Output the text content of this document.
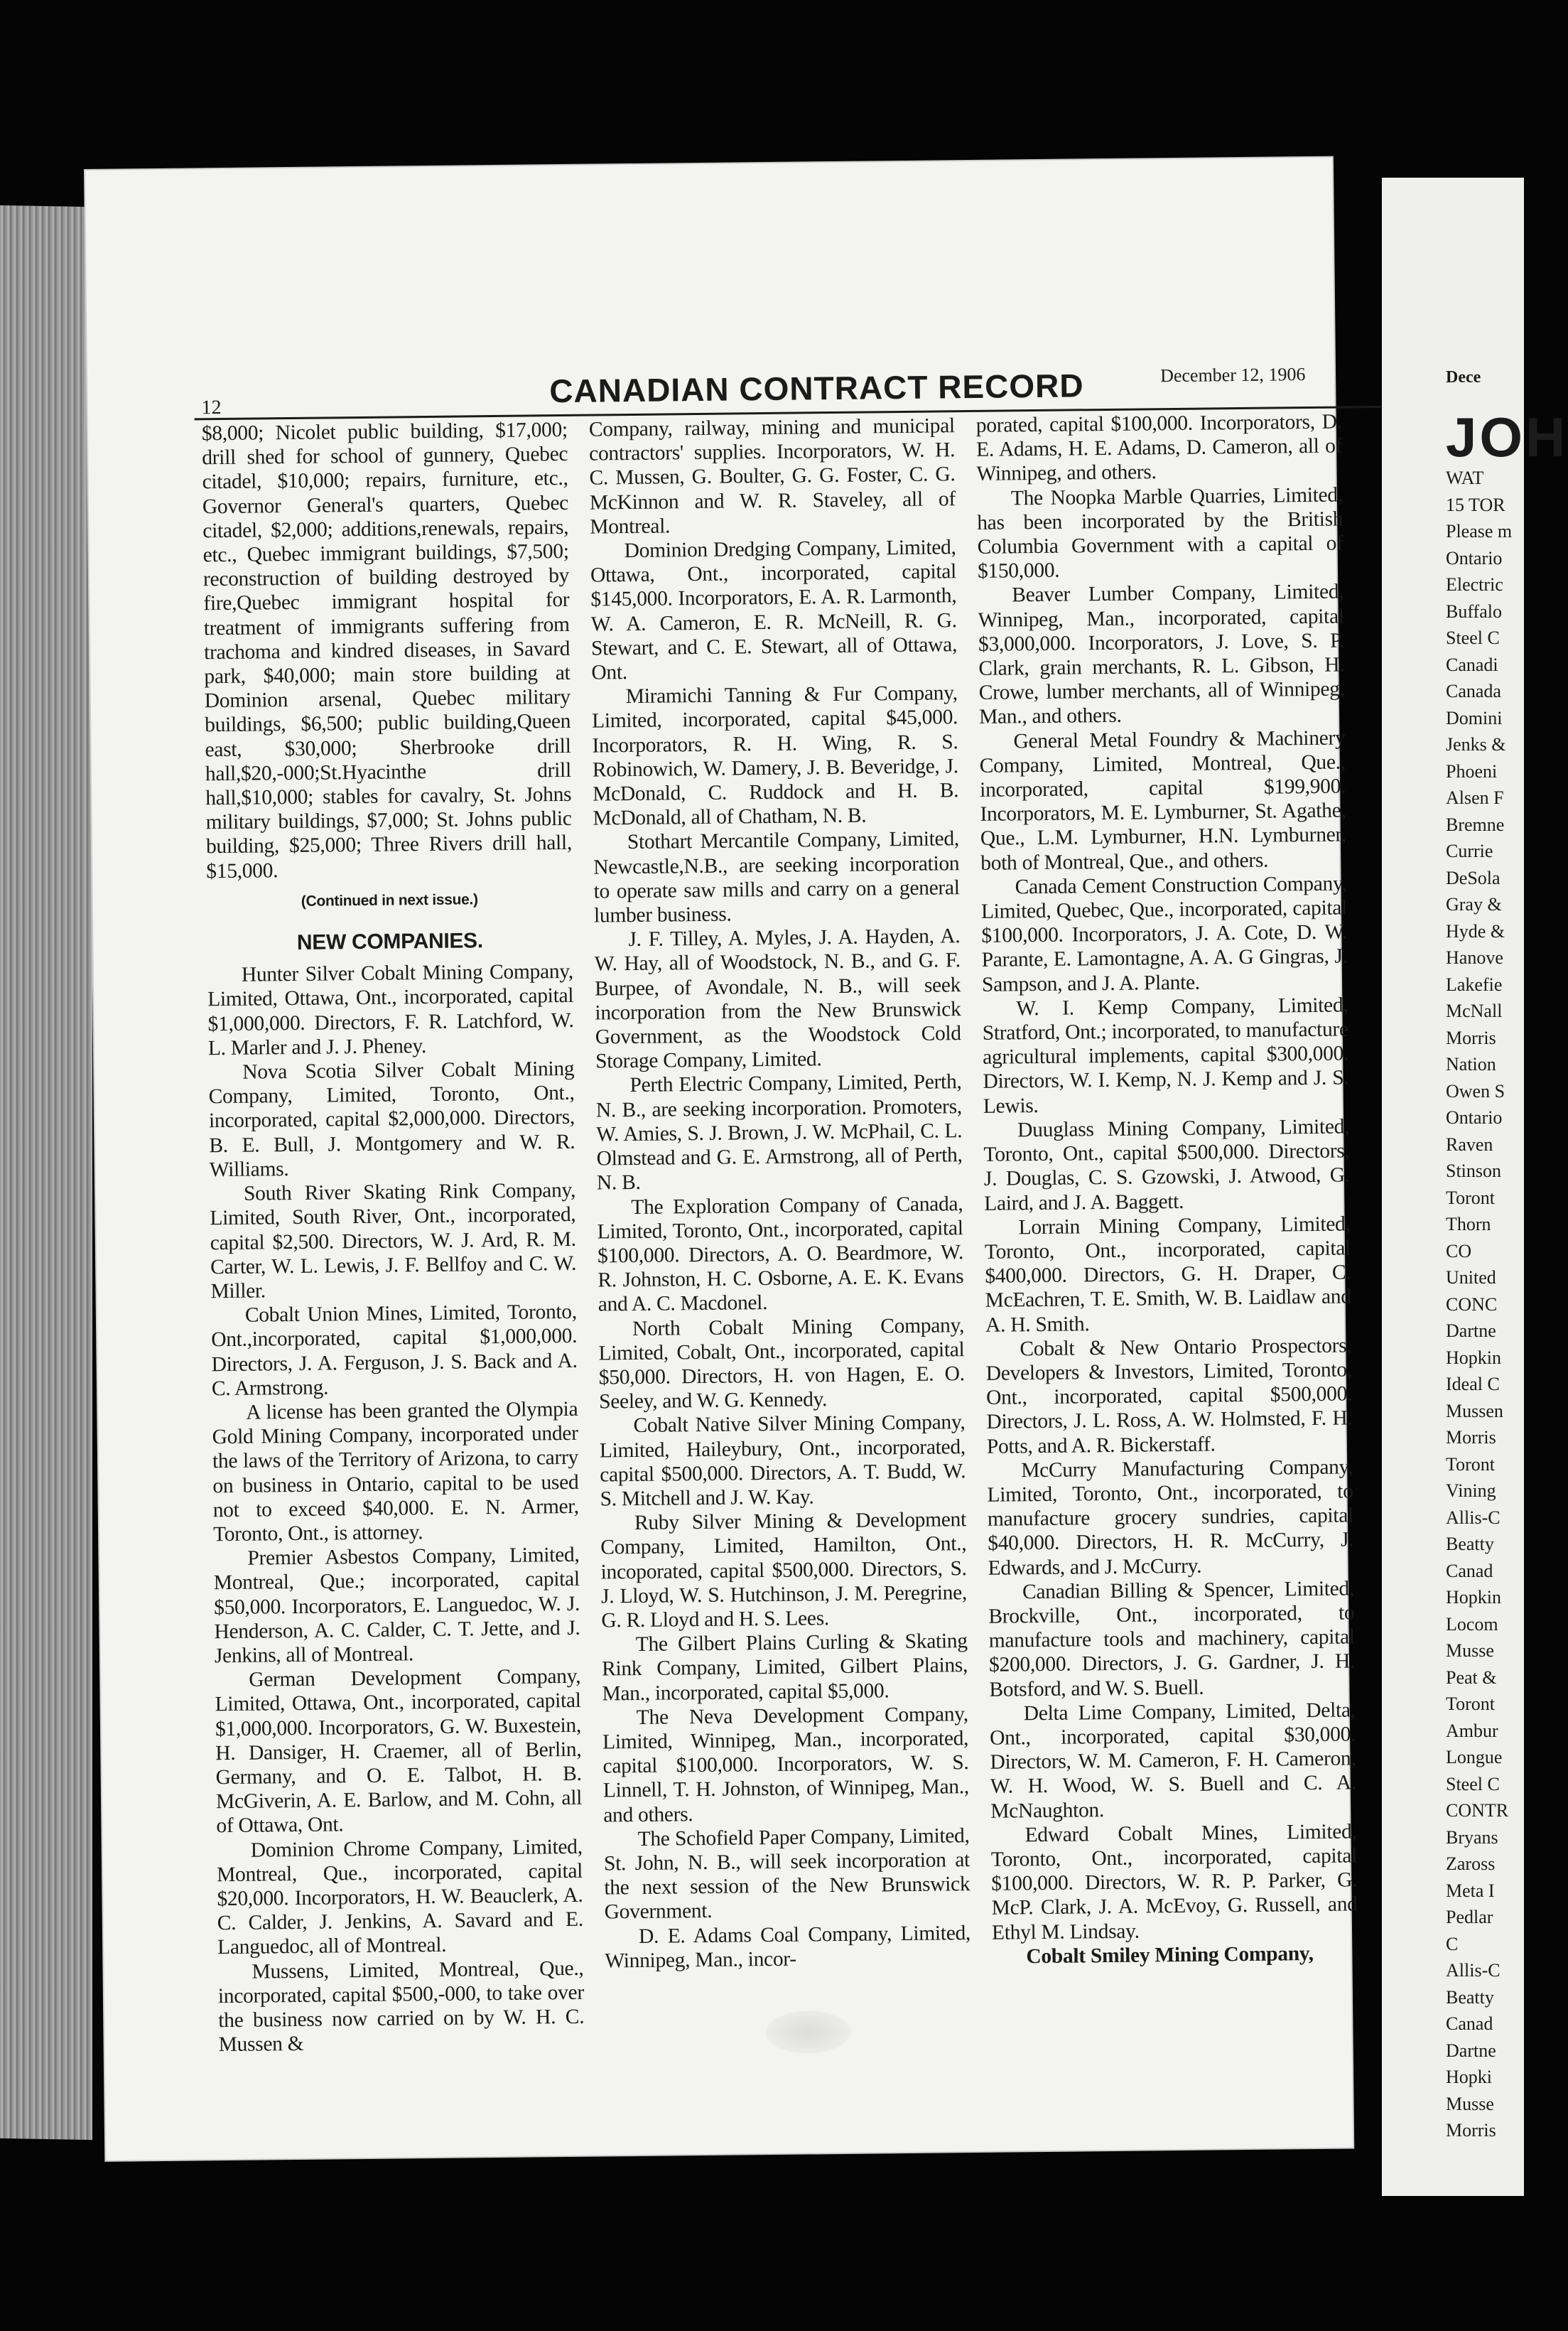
12	CANADIAN CONTRACT RECORD	December 12, 1906

$8,000; Nicolet public building, $17,000; drill shed for school of gunnery, Quebec citadel, $10,000; repairs, furniture, etc., Governor General's quarters, Quebec citadel, $2,000; additions,renewals, repairs, etc., Quebec immigrant buildings, $7,500; reconstruction of building destroyed by fire,Quebec immigrant hospital for treatment of immigrants suffering from trachoma and kindred diseases, in Savard park, $40,000; main store building at Dominion arsenal, Quebec military buildings, $6,500; public building,Queen east, $30,000; Sherbrooke drill hall,$20,-000;St.Hyacinthe drill hall,$10,000; stables for cavalry, St. Johns military buildings, $7,000; St. Johns public building, $25,000; Three Rivers drill hall, $15,000.

(Continued in next issue.)

NEW COMPANIES.

Hunter Silver Cobalt Mining Company, Limited, Ottawa, Ont., incorporated, capital $1,000,000. Directors, F. R. Latchford, W. L. Marler and J. J. Pheney.

Nova Scotia Silver Cobalt Mining Company, Limited, Toronto, Ont., incorporated, capital $2,000,000. Directors, B. E. Bull, J. Montgomery and W. R. Williams.

South River Skating Rink Company, Limited, South River, Ont., incorporated, capital $2,500. Directors, W. J. Ard, R. M. Carter, W. L. Lewis, J. F. Bellfoy and C. W. Miller.

Cobalt Union Mines, Limited, Toronto, Ont.,incorporated, capital $1,000,000. Directors, J. A. Ferguson, J. S. Back and A. C. Armstrong.

A license has been granted the Olympia Gold Mining Company, incorporated under the laws of the Territory of Arizona, to carry on business in Ontario, capital to be used not to exceed $40,000. E. N. Armer, Toronto, Ont., is attorney.

Premier Asbestos Company, Limited, Montreal, Que.; incorporated, capital $50,000. Incorporators, E. Languedoc, W. J. Henderson, A. C. Calder, C. T. Jette, and J. Jenkins, all of Montreal.

German Development Company, Limited, Ottawa, Ont., incorporated, capital $1,000,000. Incorporators, G. W. Buxestein, H. Dansiger, H. Craemer, all of Berlin, Germany, and O. E. Talbot, H. B. McGiverin, A. E. Barlow, and M. Cohn, all of Ottawa, Ont.

Dominion Chrome Company, Limited, Montreal, Que., incorporated, capital $20,000. Incorporators, H. W. Beauclerk, A. C. Calder, J. Jenkins, A. Savard and E. Languedoc, all of Montreal.

Mussens, Limited, Montreal, Que., incorporated, capital $500,-000, to take over the business now carried on by W. H. C. Mussen &

Company, railway, mining and municipal contractors' supplies. Incorporators, W. H. C. Mussen, G. Boulter, G. G. Foster, C. G. McKinnon and W. R. Staveley, all of Montreal.

Dominion Dredging Company, Limited, Ottawa, Ont., incorporated, capital $145,000. Incorporators, E. A. R. Larmonth, W. A. Cameron, E. R. McNeill, R. G. Stewart, and C. E. Stewart, all of Ottawa, Ont.

Miramichi Tanning & Fur Company, Limited, incorporated, capital $45,000. Incorporators, R. H. Wing, R. S. Robinowich, W. Damery, J. B. Beveridge, J. McDonald, C. Ruddock and H. B. McDonald, all of Chatham, N. B.

Stothart Mercantile Company, Limited, Newcastle,N.B., are seeking incorporation to operate saw mills and carry on a general lumber business.

J. F. Tilley, A. Myles, J. A. Hayden, A. W. Hay, all of Woodstock, N. B., and G. F. Burpee, of Avondale, N. B., will seek incorporation from the New Brunswick Government, as the Woodstock Cold Storage Company, Limited.

Perth Electric Company, Limited, Perth, N. B., are seeking incorporation. Promoters, W. Amies, S. J. Brown, J. W. McPhail, C. L. Olmstead and G. E. Armstrong, all of Perth, N. B.

The Exploration Company of Canada, Limited, Toronto, Ont., incorporated, capital $100,000. Directors, A. O. Beardmore, W. R. Johnston, H. C. Osborne, A. E. K. Evans and A. C. Macdonel.

North Cobalt Mining Company, Limited, Cobalt, Ont., incorporated, capital $50,000. Directors, H. von Hagen, E. O. Seeley, and W. G. Kennedy.

Cobalt Native Silver Mining Company, Limited, Haileybury, Ont., incorporated, capital $500,000. Directors, A. T. Budd, W. S. Mitchell and J. W. Kay.

Ruby Silver Mining & Development Company, Limited, Hamilton, Ont., incoporated, capital $500,000. Directors, S. J. Lloyd, W. S. Hutchinson, J. M. Peregrine, G. R. Lloyd and H. S. Lees.

The Gilbert Plains Curling & Skating Rink Company, Limited, Gilbert Plains, Man., incorporated, capital $5,000.

The Neva Development Company, Limited, Winnipeg, Man., incorporated, capital $100,000. Incorporators, W. S. Linnell, T. H. Johnston, of Winnipeg, Man., and others.

The Schofield Paper Company, Limited, St. John, N. B., will seek incorporation at the next session of the New Brunswick Government.

D. E. Adams Coal Company, Limited, Winnipeg, Man., incor-

porated, capital $100,000. Incorporators, D. E. Adams, H. E. Adams, D. Cameron, all of Winnipeg, and others.

The Noopka Marble Quarries, Limited, has been incorporated by the British Columbia Government with a capital of $150,000.

Beaver Lumber Company, Limited, Winnipeg, Man., incorporated, capital $3,000,000. Incorporators, J. Love, S. P. Clark, grain merchants, R. L. Gibson, H. Crowe, lumber merchants, all of Winnipeg, Man., and others.

General Metal Foundry & Machinery Company, Limited, Montreal, Que., incorporated, capital $199,900. Incorporators, M. E. Lymburner, St. Agathe, Que., L.M. Lymburner, H.N. Lymburner, both of Montreal, Que., and others.

Canada Cement Construction Company, Limited, Quebec, Que., incorporated, capital $100,000. Incorporators, J. A. Cote, D. W. Parante, E. Lamontagne, A. A. G Gingras, J. Sampson, and J. A. Plante.

W. I. Kemp Company, Limited, Stratford, Ont.; incorporated, to manufacture agricultural implements, capital $300,000. Directors, W. I. Kemp, N. J. Kemp and J. S. Lewis.

Duuglass Mining Company, Limited, Toronto, Ont., capital $500,000. Directors, J. Douglas, C. S. Gzowski, J. Atwood, G. Laird, and J. A. Baggett.

Lorrain Mining Company, Limited, Toronto, Ont., incorporated, capital $400,000. Directors, G. H. Draper, C. McEachren, T. E. Smith, W. B. Laidlaw and A. H. Smith.

Cobalt & New Ontario Prospectors, Developers & Investors, Limited, Toronto, Ont., incorporated, capital $500,000. Directors, J. L. Ross, A. W. Holmsted, F. H. Potts, and A. R. Bickerstaff.

McCurry Manufacturing Company, Limited, Toronto, Ont., incorporated, to manufacture grocery sundries, capital $40,000. Directors, H. R. McCurry, J. Edwards, and J. McCurry.

Canadian Billing & Spencer, Limited, Brockville, Ont., incorporated, to manufacture tools and machinery, capital $200,000. Directors, J. G. Gardner, J. H. Botsford, and W. S. Buell.

Delta Lime Company, Limited, Delta, Ont., incorporated, capital $30,000. Directors, W. M. Cameron, F. H. Cameron, W. H. Wood, W. S. Buell and C. A. McNaughton.

Edward Cobalt Mines, Limited, Toronto, Ont., incorporated, capital $100,000. Directors, W. R. P. Parker, G. McP. Clark, J. A. McEvoy, G. Russell, and Ethyl M. Lindsay.

Cobalt Smiley Mining Company,

Dece
JOH
WAT
15 TOR
Please m
Ontario
Electric
Buffalo
Steel C
Canadi
Canada
Domini
Jenks &
Phoeni
Alsen F
Bremne
Currie
DeSola
Gray &
Hyde &
Hanove
Lakefie
McNall
Morris
Nation
Owen S
Ontario
Raven
Stinson
Toront
Thorn
CO
United
CONC
Dartne
Hopkin
Ideal C
Mussen
Morris
Toront
Vining
Allis-C
Beatty
Canad
Hopkin
Locom
Musse
Peat &
Toront
Ambur
Longue
Steel C
CONTR
Bryans
Zaross
Meta I
Pedlar
C
Allis-C
Beatty
Canad
Dartne
Hopki
Musse
Morris
